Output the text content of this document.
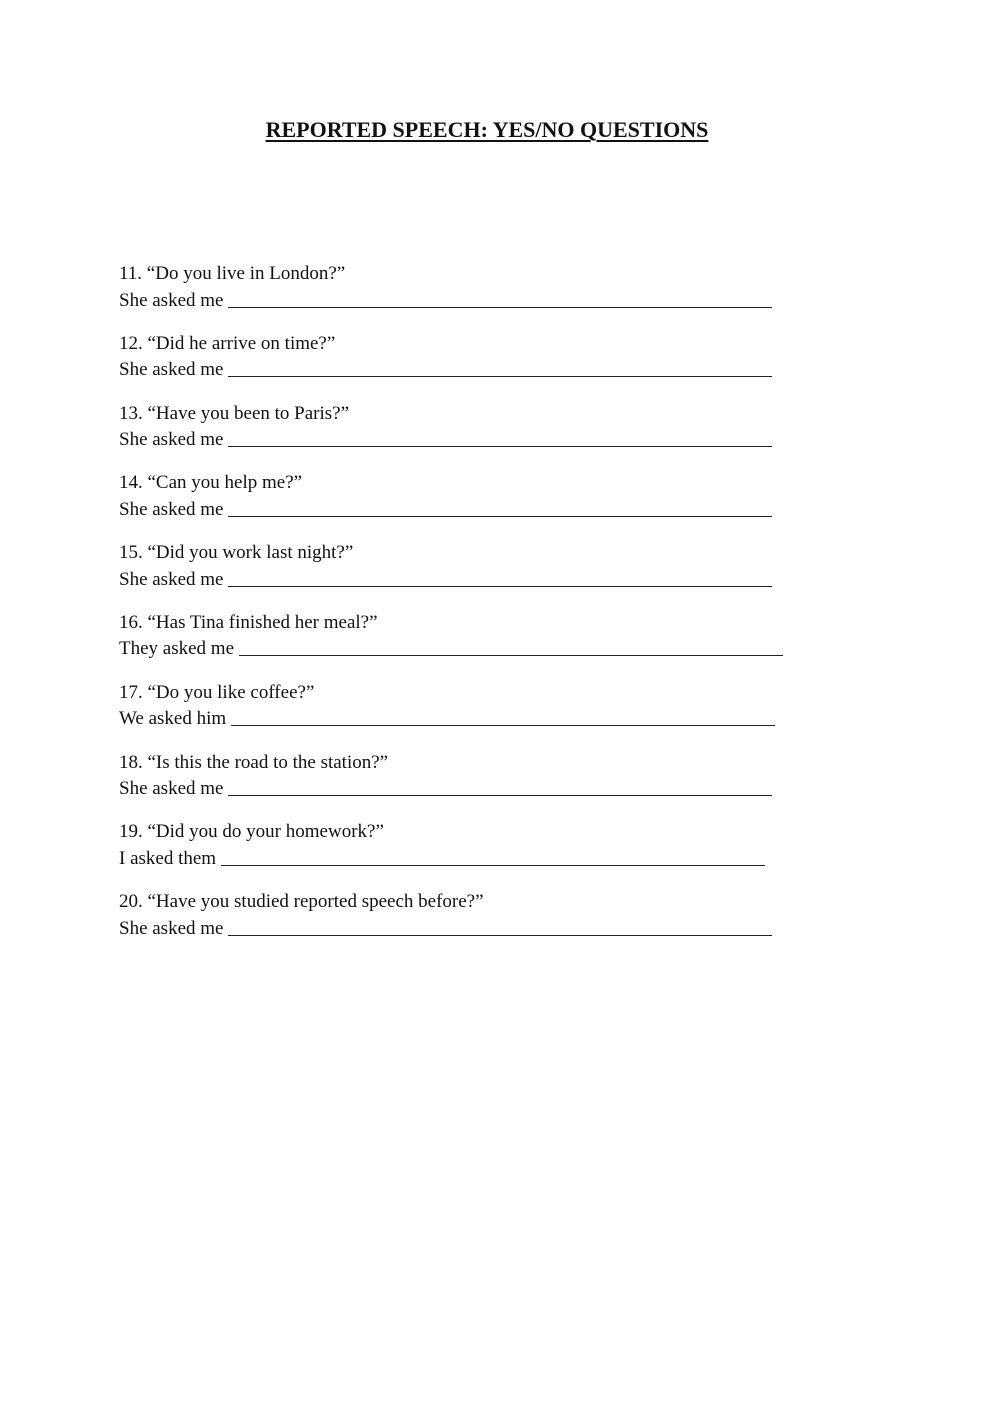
REPORTED SPEECH: YES/NO QUESTIONS
11. “Do you live in London?”
She asked me
12. “Did he arrive on time?”
She asked me
13. “Have you been to Paris?”
She asked me
14. “Can you help me?”
She asked me
15. “Did you work last night?”
She asked me
16. “Has Tina finished her meal?”
They asked me
17. “Do you like coffee?”
We asked him
18. “Is this the road to the station?”
She asked me
19. “Did you do your homework?”
I asked them
20. “Have you studied reported speech before?”
She asked me
